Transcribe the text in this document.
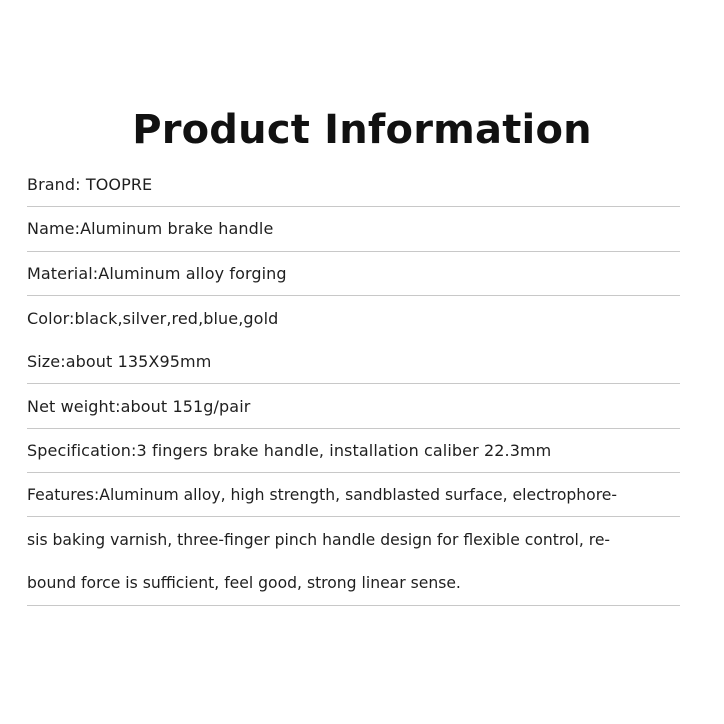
Product Information
Brand: TOOPRE
Name:Aluminum brake handle
Material:Aluminum alloy forging
Color:black,silver,red,blue,gold
Size:about 135X95mm
Net weight:about 151g/pair
Specification:3 fingers brake handle, installation caliber 22.3mm
Features:Aluminum alloy, high strength, sandblasted surface, electrophore-
sis baking varnish, three-finger pinch handle design for flexible control, re-
bound force is sufficient, feel good, strong linear sense.
